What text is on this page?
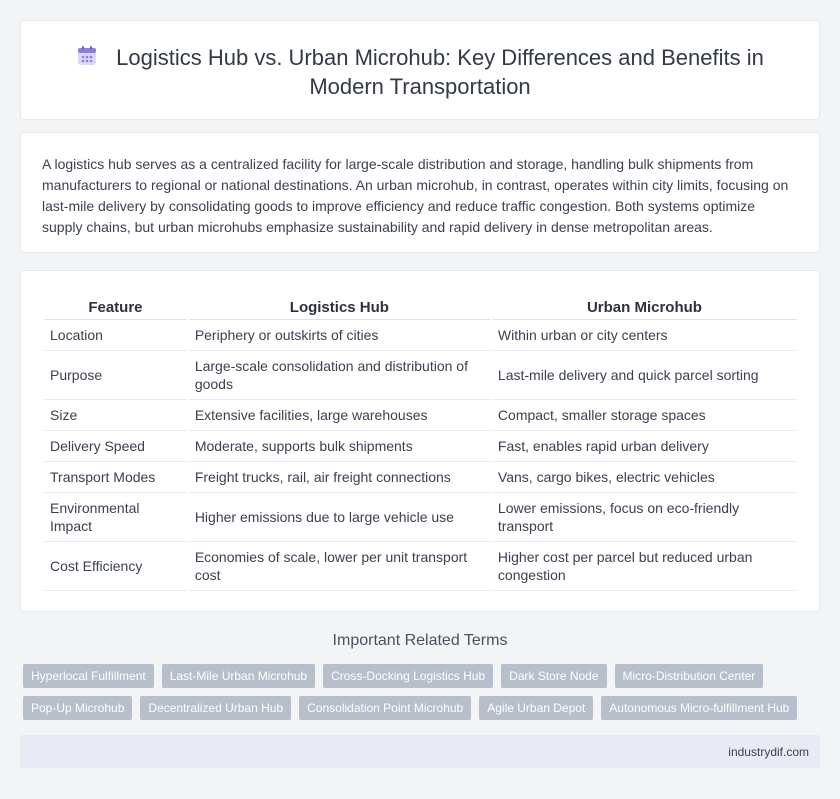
Logistics Hub vs. Urban Microhub: Key Differences and Benefits in Modern Transportation

A logistics hub serves as a centralized facility for large-scale distribution and storage, handling bulk shipments from manufacturers to regional or national destinations. An urban microhub, in contrast, operates within city limits, focusing on last-mile delivery by consolidating goods to improve efficiency and reduce traffic congestion. Both systems optimize supply chains, but urban microhubs emphasize sustainability and rapid delivery in dense metropolitan areas.

Feature	Logistics Hub	Urban Microhub
Location	Periphery or outskirts of cities	Within urban or city centers
Purpose	Large-scale consolidation and distribution of goods	Last-mile delivery and quick parcel sorting
Size	Extensive facilities, large warehouses	Compact, smaller storage spaces
Delivery Speed	Moderate, supports bulk shipments	Fast, enables rapid urban delivery
Transport Modes	Freight trucks, rail, air freight connections	Vans, cargo bikes, electric vehicles
Environmental Impact	Higher emissions due to large vehicle use	Lower emissions, focus on eco-friendly transport
Cost Efficiency	Economies of scale, lower per unit transport cost	Higher cost per parcel but reduced urban congestion
Important Related Terms
Hyperlocal Fulfillment	Last-Mile Urban Microhub	Cross-Docking Logistics Hub	Dark Store Node	Micro-Distribution Center
Pop-Up Microhub	Decentralized Urban Hub	Consolidation Point Microhub	Agile Urban Depot	Autonomous Micro-fulfillment Hub
industrydif.com
